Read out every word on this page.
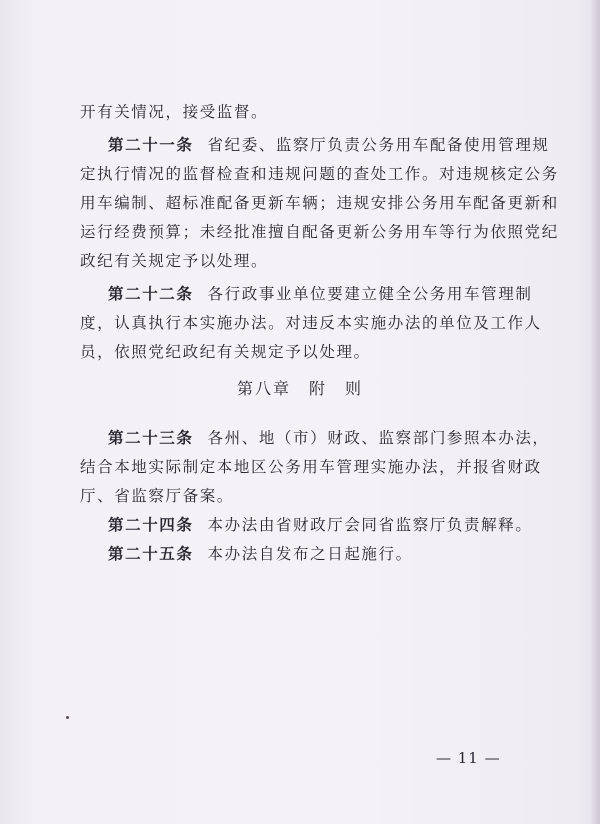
开有关情况，接受监督。
第二十一条 省纪委、监察厅负责公务用车配备使用管理规
定执行情况的监督检查和违规问题的查处工作。对违规核定公务
用车编制、超标准配备更新车辆；违规安排公务用车配备更新和
运行经费预算；未经批准擅自配备更新公务用车等行为依照党纪
政纪有关规定予以处理。
第二十二条 各行政事业单位要建立健全公务用车管理制
度，认真执行本实施办法。对违反本实施办法的单位及工作人
员，依照党纪政纪有关规定予以处理。
第八章　附　则
第二十三条 各州、地（市）财政、监察部门参照本办法，
结合本地实际制定本地区公务用车管理实施办法，并报省财政
厅、省监察厅备案。
第二十四条 本办法由省财政厅会同省监察厅负责解释。
第二十五条 本办法自发布之日起施行。
— 11 —
